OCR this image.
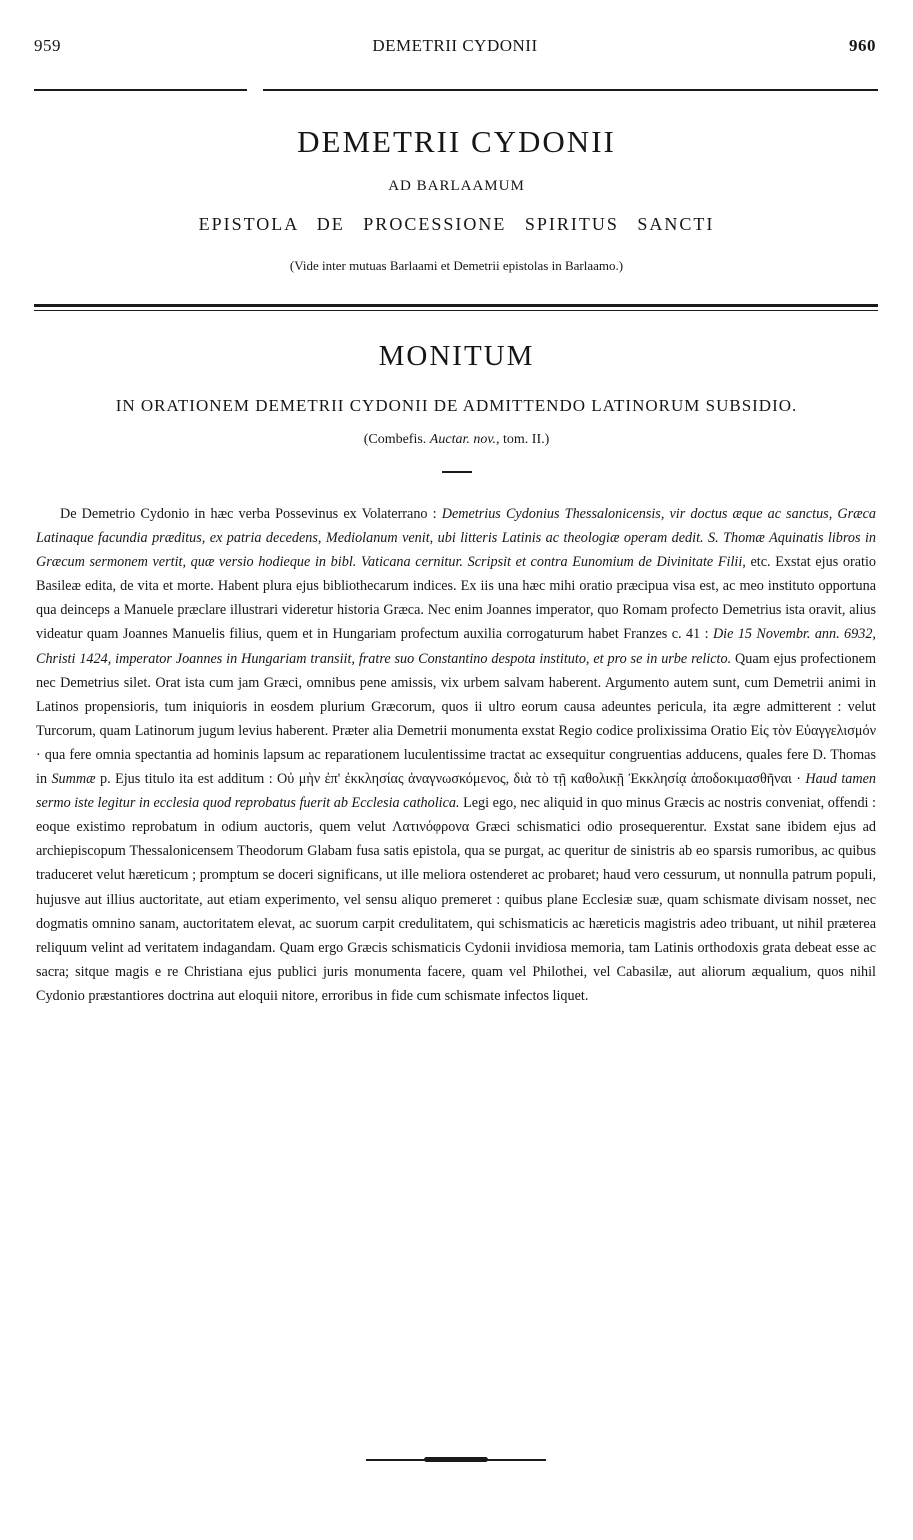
959	DEMETRII CYDONII	960
DEMETRII CYDONII
AD BARLAAMUM
EPISTOLA DE PROCESSIONE SPIRITUS SANCTI
(Vide inter mutuas Barlaami et Demetrii epistolas in Barlaamo.)
MONITUM
IN ORATIONEM DEMETRII CYDONII DE ADMITTENDO LATINORUM SUBSIDIO.
(Combefis. Auctar. nov., tom. II.)

De Demetrio Cydonio in hæc verba Possevinus ex Volaterrano : Demetrius Cydonius Thessalonicensis, vir doctus æque ac sanctus, Græca Latinaque facundia præditus, ex patria decedens, Mediolanum venit, ubi litteris Latinis ac theologiæ operam dedit. S. Thomæ Aquinatis libros in Græcum sermonem vertit, quæ versio hodieque in bibl. Vaticana cernitur. Scripsit et contra Eunomium de Divinitate Filii, etc. Exstat ejus oratio Basileæ edita, de vita et morte. Habent plura ejus bibliothecarum indices. Ex iis una hæc mihi oratio præcipua visa est, ac meo instituto opportuna qua deinceps a Manuele præclare illustrari videretur historia Græca. Nec enim Joannes imperator, quo Romam profecto Demetrius ista oravit, alius videatur quam Joannes Manuelis filius, quem et in Hungariam profectum auxilia corrogaturum habet Franzes c. 41 : Die 15 Novembr. ann. 6932, Christi 1424, imperator Joannes in Hungariam transiit, fratre suo Constantino despota instituto, et pro se in urbe relicto. Quam ejus profectionem nec Demetrius silet. Orat ista cum jam Græci, omnibus pene amissis, vix urbem salvam haberent. Argumento autem sunt, cum Demetrii animi in Latinos propensioris, tum iniquioris in eosdem plurium Græcorum, quos ii ultro eorum causa adeuntes pericula, ita ægre admitterent : velut Turcorum, quam Latinorum jugum levius haberent. Præter alia Demetrii monumenta exstat Regio codice prolixissima Oratio Εἰς τὸν Εὐαγγελισμόν · qua fere omnia spectantia ad hominis lapsum ac reparationem luculentissime tractat ac exsequitur congruentias adducens, quales fere D. Thomas in Summæ p. Ejus titulo ita est additum : Οὐ μὴν ἐπ' ἐκκλησίας ἀναγνωσκόμενος, διὰ τὸ τῇ καθολικῇ Ἐκκλησίᾳ ἀποδοκιμασθῆναι · Haud tamen sermo iste legitur in ecclesia quod reprobatus fuerit ab Ecclesia catholica. Legi ego, nec aliquid in quo minus Græcis ac nostris conveniat, offendi : eoque existimo reprobatum in odium auctoris, quem velut Λατινόφρονα Græci schismatici odio prosequerentur. Exstat sane ibidem ejus ad archiepiscopum Thessalonicensem Theodorum Glabam fusa satis epistola, qua se purgat, ac queritur de sinistris ab eo sparsis rumoribus, ac quibus traduceret velut hæreticum ; promptum se doceri significans, ut ille meliora ostenderet ac probaret; haud vero cessurum, ut nonnulla patrum populi, hujusve aut illius auctoritate, aut etiam experimento, vel sensu aliquo premeret : quibus plane Ecclesiæ suæ, quam schismate divisam nosset, nec dogmatis omnino sanam, auctoritatem elevat, ac suorum carpit credulitatem, qui schismaticis ac hæreticis magistris adeo tribuant, ut nihil præterea reliquum velint ad veritatem indagandam. Quam ergo Græcis schismaticis Cydonii invidiosa memoria, tam Latinis orthodoxis grata debeat esse ac sacra; sitque magis e re Christiana ejus publici juris monumenta facere, quam vel Philothei, vel Cabasilæ, aut aliorum æqualium, quos nihil Cydonio præstantiores doctrina aut eloquii nitore, erroribus in fide cum schismate infectos liquet.
